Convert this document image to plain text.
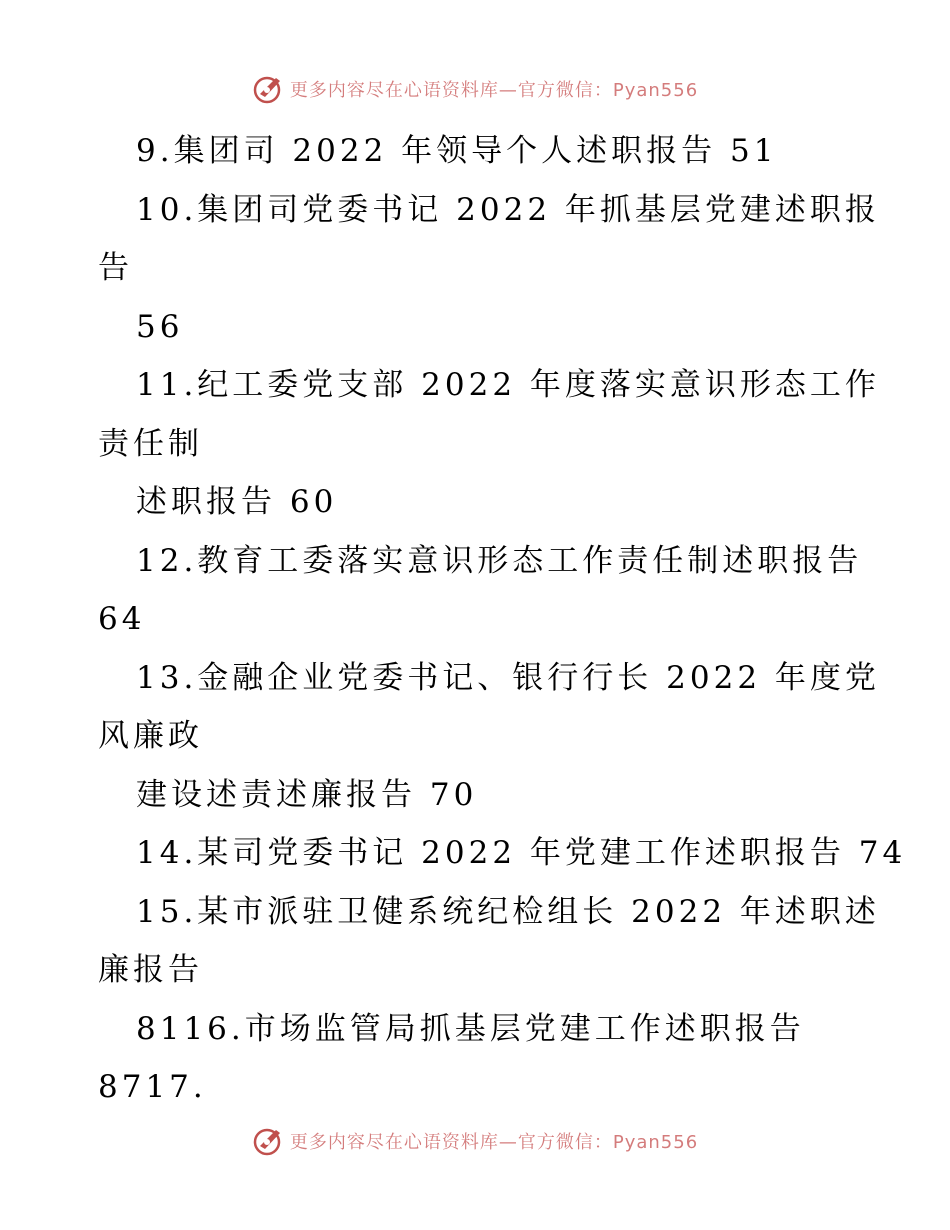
更多内容尽在心语资料库—官方微信：Pyan556
9.集团司 2022 年领导个人述职报告 51
10.集团司党委书记 2022 年抓基层党建述职报
告
56
11.纪工委党支部 2022 年度落实意识形态工作
责任制
述职报告 60
12.教育工委落实意识形态工作责任制述职报告
64
13.金融企业党委书记、银行行长 2022 年度党
风廉政
建设述责述廉报告 70
14.某司党委书记 2022 年党建工作述职报告 74
15.某市派驻卫健系统纪检组长 2022 年述职述
廉报告
8116.市场监管局抓基层党建工作述职报告
8717.
更多内容尽在心语资料库—官方微信：Pyan556
